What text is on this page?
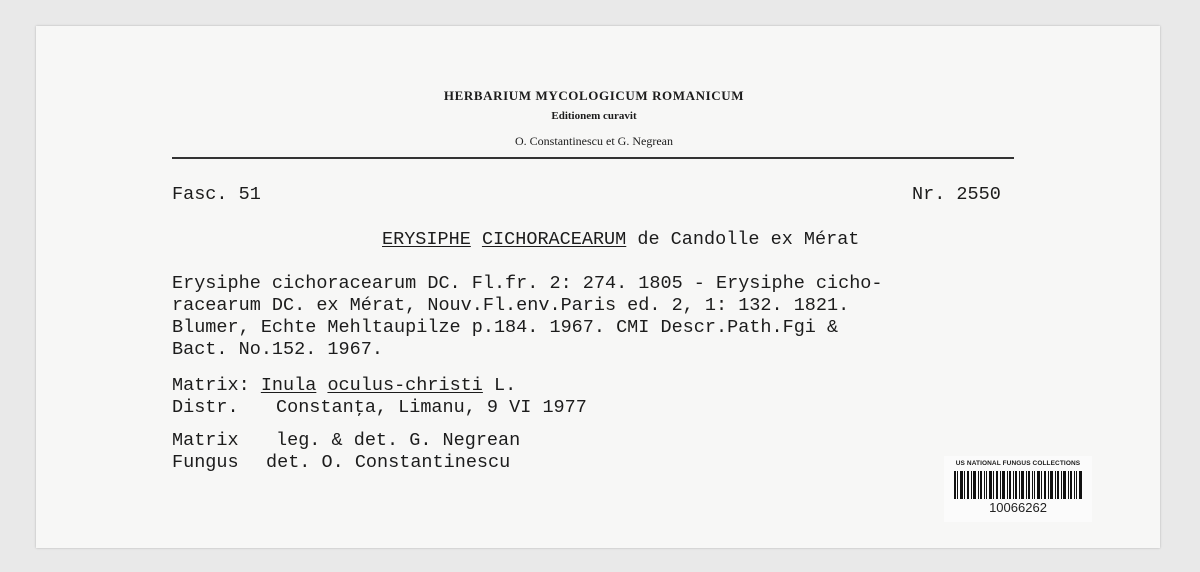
HERBARIUM MYCOLOGICUM ROMANICUM
Editionem curavit
O. Constantinescu et G. Negrean
Fasc. 51	Nr. 2550
ERYSIPHE CICHORACEARUM de Candolle ex Mérat
Erysiphe cichoracearum DC. Fl.fr. 2: 274. 1805 - Erysiphe cicho-
racearum DC. ex Mérat, Nouv.Fl.env.Paris ed. 2, 1: 132. 1821.
Blumer, Echte Mehltaupilze p.184. 1967. CMI Descr.Path.Fgi &
Bact. No.152. 1967.
Matrix: Inula oculus-christi L.
Distr. Constanţa, Limanu, 9 VI 1977
Matrix leg. & det. G. Negrean
Fungus det. O. Constantinescu	US NATIONAL FUNGUS COLLECTIONS
10066262
